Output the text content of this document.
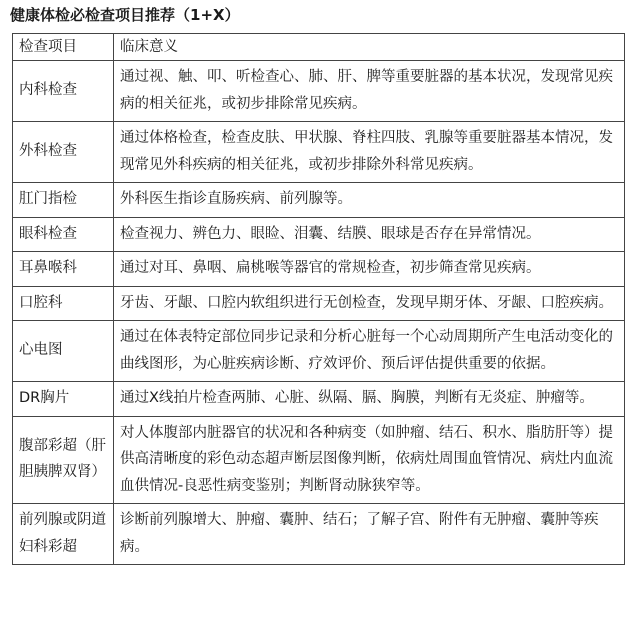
健康体检必检查项目推荐（1+X）
检查项目	临床意义
内科检查	通过视、触、叩、听检查心、肺、肝、脾等重要脏器的基本状况，发现常见疾病的相关征兆，或初步排除常见疾病。
外科检查	通过体格检查，检查皮肤、甲状腺、脊柱四肢、乳腺等重要脏器基本情况，发现常见外科疾病的相关征兆，或初步排除外科常见疾病。
肛门指检	外科医生指诊直肠疾病、前列腺等。
眼科检查	检查视力、辨色力、眼睑、泪囊、结膜、眼球是否存在异常情况。
耳鼻喉科	通过对耳、鼻咽、扁桃喉等器官的常规检查，初步筛查常见疾病。
口腔科	牙齿、牙龈、口腔内软组织进行无创检查，发现早期牙体、牙龈、口腔疾病。
心电图	通过在体表特定部位同步记录和分析心脏每一个心动周期所产生电活动变化的曲线图形，为心脏疾病诊断、疗效评价、预后评估提供重要的依据。
DR胸片	通过X线拍片检查两肺、心脏、纵隔、膈、胸膜，判断有无炎症、肿瘤等。
腹部彩超（肝胆胰脾双肾）	对人体腹部内脏器官的状况和各种病变（如肿瘤、结石、积水、脂肪肝等）提供高清晰度的彩色动态超声断层图像判断，依病灶周围血管情况、病灶内血流血供情况-良恶性病变鉴别；判断肾动脉狭窄等。
前列腺或阴道妇科彩超	诊断前列腺增大、肿瘤、囊肿、结石；了解子宫、附件有无肿瘤、囊肿等疾病。
